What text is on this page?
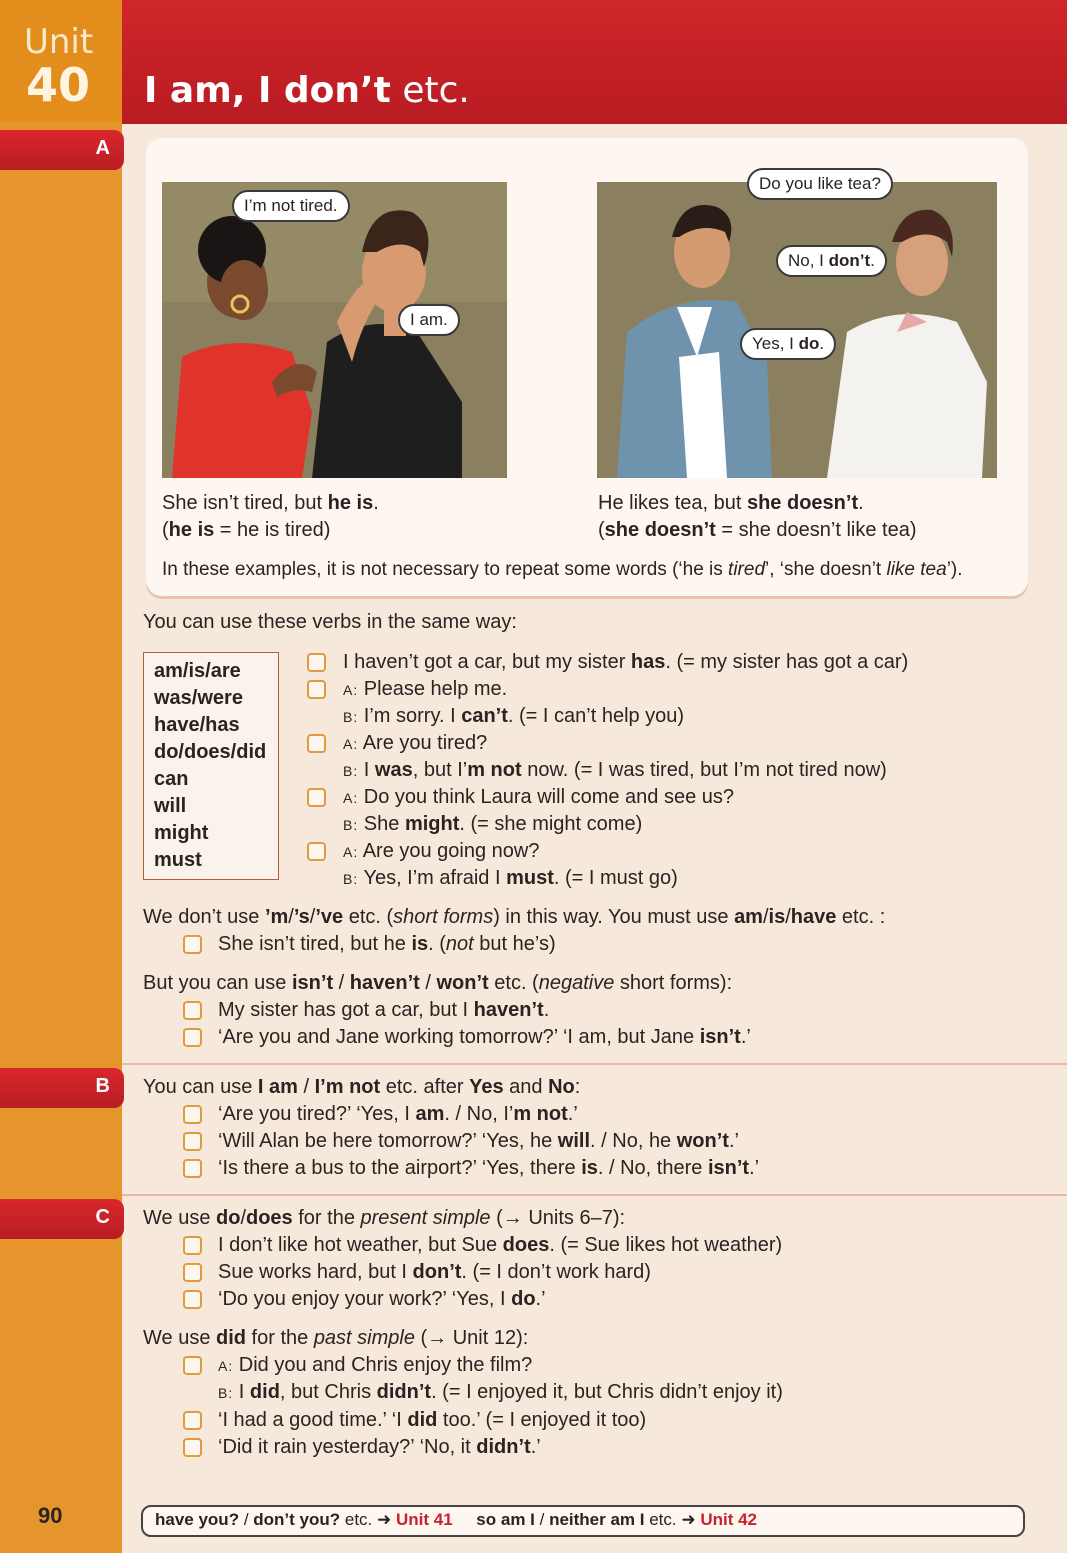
Unit
40 I am, I don’t etc.
A
B
C
I’m not tired.
I am.
Do you like tea?
No, I don’t.
Yes, I do.
She isn’t tired, but he is.
(he is = he is tired)
He likes tea, but she doesn’t.
(she doesn’t = she doesn’t like tea)
In these examples, it is not necessary to repeat some words (‘he is tired’, ‘she doesn’t like tea’).
You can use these verbs in the same way:
am/is/are
was/were
have/has
do/does/did
can
will
might
must
I haven’t got a car, but my sister has. (= my sister has got a car)
A: Please help me.
B: I’m sorry. I can’t. (= I can’t help you)
A: Are you tired?
B: I was, but I’m not now. (= I was tired, but I’m not tired now)
A: Do you think Laura will come and see us?
B: She might. (= she might come)
A: Are you going now?
B: Yes, I’m afraid I must. (= I must go)
We don’t use ’m/’s/’ve etc. (short forms) in this way. You must use am/is/have etc. :
She isn’t tired, but he is. (not but he’s)
But you can use isn’t / haven’t / won’t etc. (negative short forms):
My sister has got a car, but I haven’t.
‘Are you and Jane working tomorrow?’ ‘I am, but Jane isn’t.’
You can use I am / I’m not etc. after Yes and No:
‘Are you tired?’ ‘Yes, I am. / No, I’m not.’
‘Will Alan be here tomorrow?’ ‘Yes, he will. / No, he won’t.’
‘Is there a bus to the airport?’ ‘Yes, there is. / No, there isn’t.’
We use do/does for the present simple (→ Units 6–7):
I don’t like hot weather, but Sue does. (= Sue likes hot weather)
Sue works hard, but I don’t. (= I don’t work hard)
‘Do you enjoy your work?’ ‘Yes, I do.’
We use did for the past simple (→ Unit 12):
A: Did you and Chris enjoy the film?
B: I did, but Chris didn’t. (= I enjoyed it, but Chris didn’t enjoy it)
‘I had a good time.’ ‘I did too.’ (= I enjoyed it too)
‘Did it rain yesterday?’ ‘No, it didn’t.’
90	have you? / don’t you? etc. ➜ Unit 41 so am I / neither am I etc. ➜ Unit 42
